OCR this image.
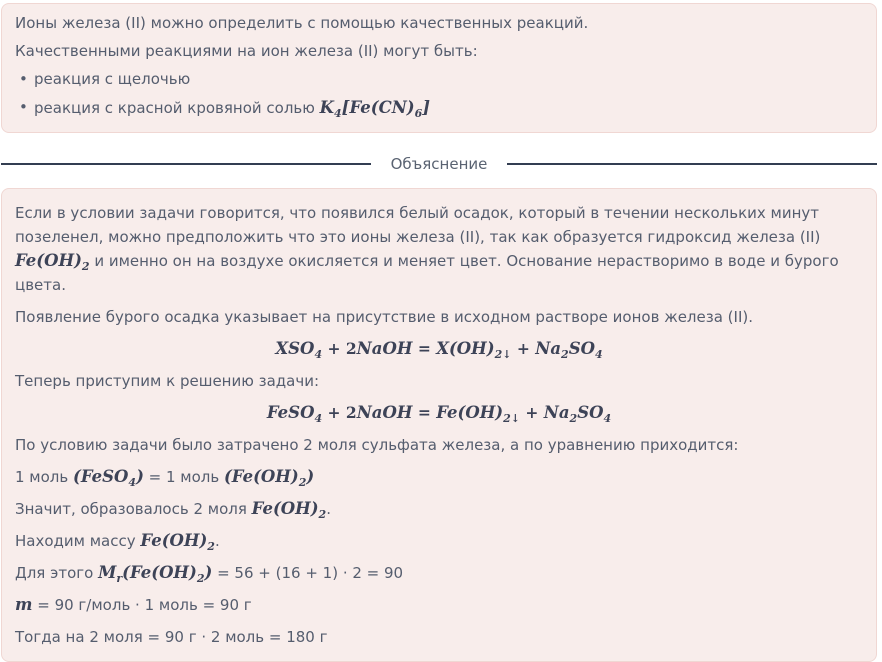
Ионы железа (II) можно определить с помощью качественных реакций.

Качественными реакциями на ион железа (II) могут быть:

• реакция с щелочью
• реакция с красной кровяной солью $K_4[Fe(CN)_6]$
Объяснение

Если в условии задачи говорится, что появился белый осадок, который в течении нескольких минут позеленел, можно предположить что это ионы железа (II), так как образуется гидроксид железа (II) $Fe(OH)_2$ и именно он на воздухе окисляется и меняет цвет. Основание нерастворимо в воде и бурого цвета.

Появление бурого осадка указывает на присутствие в исходном растворе ионов железа (II).

$XSO_4$ + 2NaOH = $X(OH)_{2↓} + Na_2SO_4$

Теперь приступим к решению задачи:

FeSO$_4$ + 2NaOH = $Fe(OH)_{2↓} + Na_2SO_4$

По условию задачи было затрачено 2 моля сульфата железа, а по уравнению приходится:

1 моль (FeSO$_4$) = 1 моль $(Fe(OH)_2)$

Значит, образовалось 2 моля $Fe(OH)_2$.

Находим массу $Fe(OH)_2$.

Для этого $M_r(Fe(OH)_2) = 56 + (16 + 1) \cdot 2 = 90$

m = 90 г/моль · 1 моль = 90 г

Тогда на 2 моля = 90 г · 2 моль = 180 г
